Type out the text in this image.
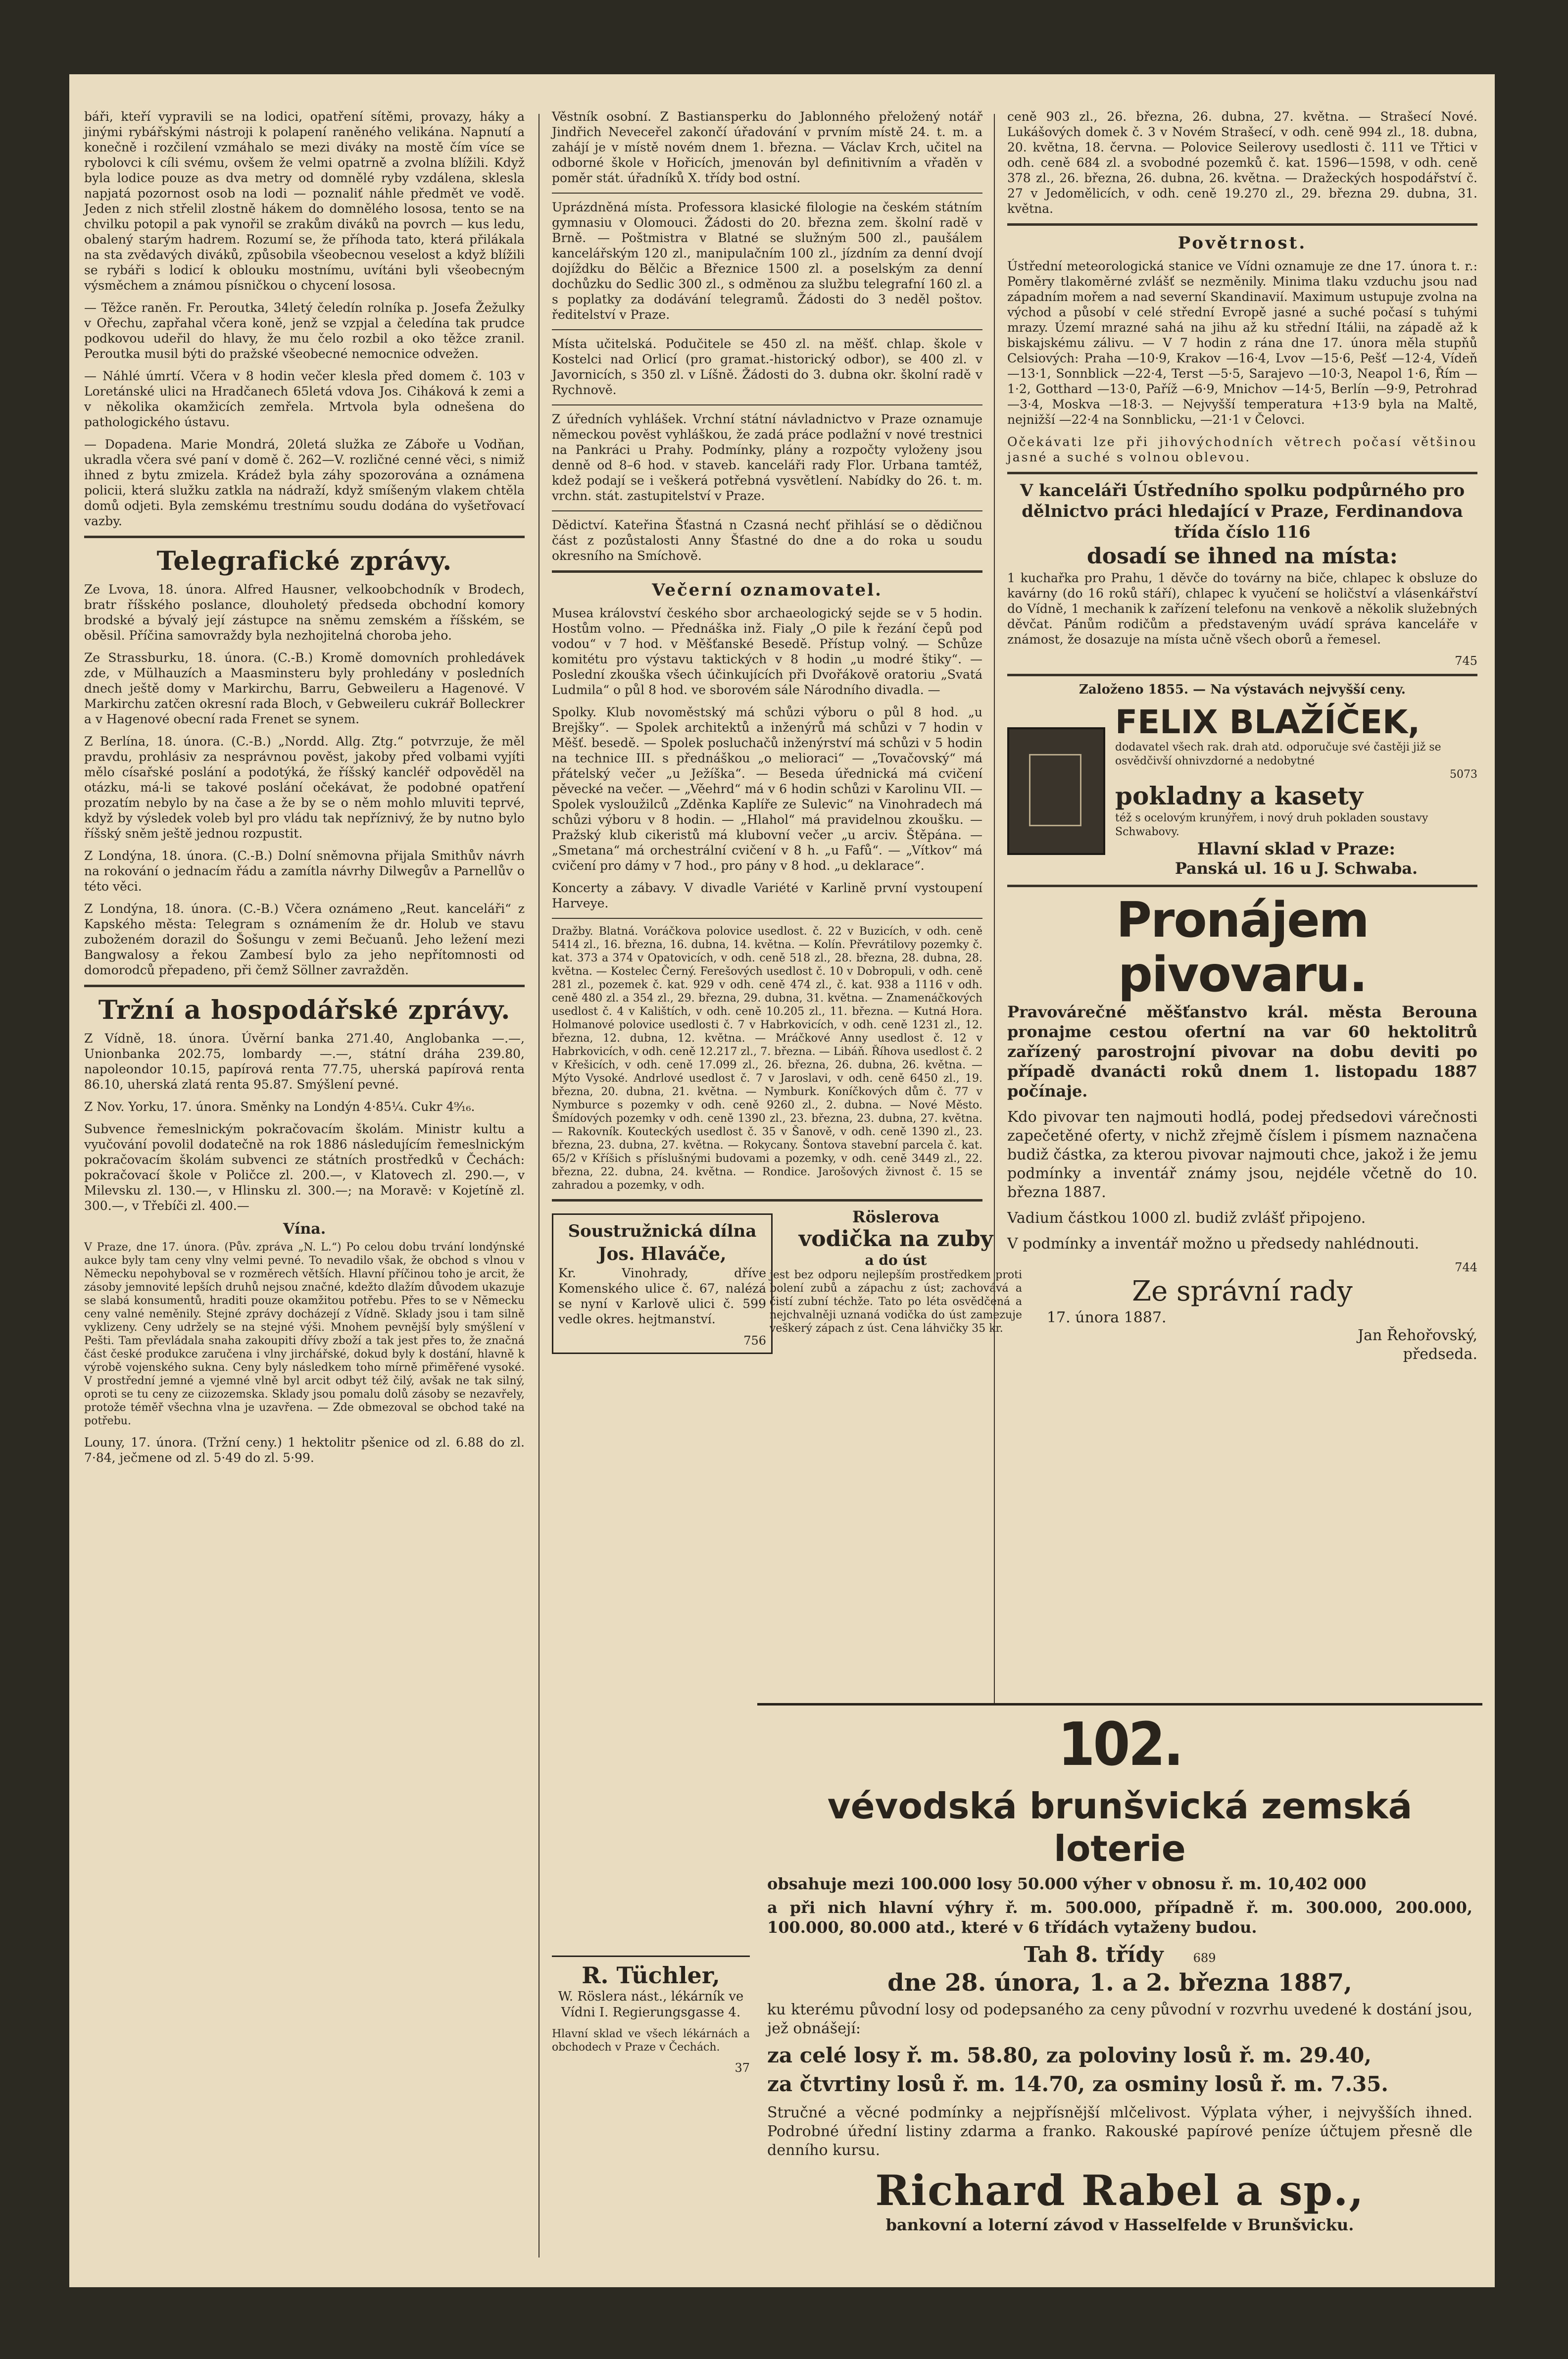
báři, kteří vypravili se na lodici, opatření sítěmi, provazy, háky a jinými rybářskými nástroji k polapení raněného velikána. Napnutí a konečně i rozčilení vzmáhalo se mezi diváky na mostě čím více se rybolovci k cíli svému, ovšem že velmi opatrně a zvolna blížili. Když byla lodice pouze as dva metry od domnělé ryby vzdálena, sklesla napjatá pozornost osob na lodi — poznaliť náhle předmět ve vodě. Jeden z nich střelil zlostně hákem do domnělého lososa, tento se na chvilku potopil a pak vynořil se zrakům diváků na povrch — kus ledu, obalený starým hadrem. Rozumí se, že příhoda tato, která přilákala na sta zvědavých diváků, způsobila všeobecnou veselost a když blížili se rybáři s lodicí k oblouku mostnímu, uvítáni byli všeobecným výsměchem a známou písničkou o chycení lososa.

— Těžce raněn. Fr. Peroutka, 34letý čeledín rolníka p. Josefa Žežulky v Ořechu, zapřahal včera koně, jenž se vzpjal a čeledína tak prudce podkovou udeřil do hlavy, že mu čelo rozbil a oko těžce zranil. Peroutka musil býti do pražské všeobecné nemocnice odvežen.

— Náhlé úmrtí. Včera v 8 hodin večer klesla před domem č. 103 v Loretánské ulici na Hradčanech 65letá vdova Jos. Ciháková k zemi a v několika okamžicích zemřela. Mrtvola byla odnešena do pathologického ústavu.

— Dopadena. Marie Mondrá, 20letá služka ze Záboře u Vodňan, ukradla včera své paní v domě č. 262—V. rozličné cenné věci, s nimiž ihned z bytu zmizela. Krádež byla záhy spozorována a oznámena policii, která služku zatkla na nádraží, když smíšeným vlakem chtěla domů odjeti. Byla zemskému trestnímu soudu dodána do vyšetřovací vazby.

Telegrafické zprávy.

Ze Lvova, 18. února. Alfred Hausner, velkoobchodník v Brodech, bratr říšského poslance, dlouholetý předseda obchodní komory brodské a bývalý její zástupce na sněmu zemském a říšském, se oběsil. Příčina samovraždy byla nezhojitelná choroba jeho.

Ze Strassburku, 18. února. (C.-B.) Kromě domovních prohledávek zde, v Mülhauzích a Maasminsteru byly prohledány v posledních dnech ještě domy v Markirchu, Barru, Gebweileru a Hagenové. V Markirchu zatčen okresní rada Bloch, v Gebweileru cukrář Bolleckrer a v Hagenové obecní rada Frenet se synem.

Z Berlína, 18. února. (C.-B.) „Nordd. Allg. Ztg.“ potvrzuje, že měl pravdu, prohlásiv za nesprávnou pověst, jakoby před volbami vyjíti mělo císařské poslání a podotýká, že říšský kancléř odpověděl na otázku, má-li se takové poslání očekávat, že podobné opatření prozatím nebylo by na čase a že by se o něm mohlo mluviti teprvé, když by výsledek voleb byl pro vládu tak nepříznivý, že by nutno bylo říšský sněm ještě jednou rozpustit.

Z Londýna, 18. února. (C.-B.) Dolní sněmovna přijala Smithův návrh na rokování o jednacím řádu a zamítla návrhy Dilwegův a Parnellův o této věci.

Z Londýna, 18. února. (C.-B.) Včera oznámeno „Reut. kanceláři“ z Kapského města: Telegram s oznámením že dr. Holub ve stavu zuboženém dorazil do Šošungu v zemi Bečuanů. Jeho ležení mezi Bangwalosy a řekou Zambesí bylo za jeho nepřítomnosti od domorodců přepadeno, při čemž Söllner zavražděn.

Tržní a hospodářské zprávy.

Z Vídně, 18. února. Úvěrní banka 271.40, Anglobanka —.—, Unionbanka 202.75, lombardy —.—, státní dráha 239.80, napoleondor 10.15, papírová renta 77.75, uherská papírová renta 86.10, uherská zlatá renta 95.87. Smýšlení pevné.

Z Nov. Yorku, 17. února. Směnky na Londýn 4·85¼. Cukr 4⁹⁄₁₆.

Subvence řemeslnickým pokračovacím školám. Ministr kultu a vyučování povolil dodatečně na rok 1886 následujícím řemeslnickým pokračovacím školám subvenci ze státních prostředků v Čechách: pokračovací škole v Poličce zl. 200.—, v Klatovech zl. 290.—, v Milevsku zl. 130.—, v Hlinsku zl. 300.—; na Moravě: v Kojetíně zl. 300.—, v Třebíči zl. 400.—

Vína.

V Praze, dne 17. února. (Pův. zpráva „N. L.“) Po celou dobu trvání londýnské aukce byly tam ceny vlny velmi pevné. To nevadilo však, že obchod s vlnou v Německu nepohyboval se v rozměrech větších. Hlavní příčinou toho je arcit, že zásoby jemnovité lepších druhů nejsou značné, kdežto dlažím důvodem ukazuje se slabá konsumentů, hraditi pouze okamžitou potřebu. Přes to se v Německu ceny valné neměnily. Stejné zprávy docházejí z Vídně. Sklady jsou i tam silně vyklizeny. Ceny udržely se na stejné výši. Mnohem pevnější byly smýšlení v Pešti. Tam převládala snaha zakoupiti dřívy zboží a tak jest přes to, že značná část české produkce zaručena i vlny jirchářské, dokud byly k dostání, hlavně k výrobě vojenského sukna. Ceny byly následkem toho mírně přiměřené vysoké. V prostřední jemné a vjemné vlně byl arcit odbyt též čilý, avšak ne tak silný, oproti se tu ceny ze ciizozemska. Sklady jsou pomalu dolů zásoby se nezavřely, protože téměř všechna vlna je uzavřena. — Zde obmezoval se obchod také na potřebu.

Louny, 17. února. (Tržní ceny.) 1 hektolitr pšenice od zl. 6.88 do zl. 7·84, ječmene od zl. 5·49 do zl. 5·99.

Věstník osobní. Z Bastiansperku do Jablonného přeložený notář Jindřich Neveceřel zakončí úřadování v prvním místě 24. t. m. a zahájí je v místě novém dnem 1. března. — Václav Krch, učitel na odborné škole v Hořicích, jmenován byl definitivním a vřaděn v poměr stát. úřadníků X. třídy bod ostní.

Uprázdněná místa. Professora klasické filologie na českém státním gymnasiu v Olomouci. Žádosti do 20. března zem. školní radě v Brně. — Poštmistra v Blatné se služným 500 zl., paušálem kancelářským 120 zl., manipulačním 100 zl., jízdním za denní dvojí dojíždku do Bělčic a Březnice 1500 zl. a poselským za denní dochůzku do Sedlic 300 zl., s odměnou za službu telegrafní 160 zl. a s poplatky za dodávání telegramů. Žádosti do 3 neděl poštov. ředitelství v Praze.

Místa učitelská. Podučitele se 450 zl. na měšť. chlap. škole v Kostelci nad Orlicí (pro gramat.-historický odbor), se 400 zl. v Javornicích, s 350 zl. v Líšně. Žádosti do 3. dubna okr. školní radě v Rychnově.

Z úředních vyhlášek. Vrchní státní návladnictvo v Praze oznamuje německou pověst vyhláškou, že zadá práce podlažní v nové trestnici na Pankráci u Prahy. Podmínky, plány a rozpočty vyloženy jsou denně od 8–6 hod. v staveb. kanceláři rady Flor. Urbana tamtéž, kdež podají se i veškerá potřebná vysvětlení. Nabídky do 26. t. m. vrchn. stát. zastupitelství v Praze.

Dědictví. Kateřina Šťastná n Czasná nechť přihlásí se o dědičnou část z pozůstalosti Anny Šťastné do dne a do roka u soudu okresního na Smíchově.

Večerní oznamovatel.

Musea království českého sbor archaeologický sejde se v 5 hodin. Hostům volno. — Přednáška inž. Fialy „O pile k řezání čepů pod vodou“ v 7 hod. v Měšťanské Besedě. Přístup volný. — Schůze komitétu pro výstavu taktických v 8 hodin „u modré štiky“. — Poslední zkouška všech účinkujících při Dvořákově oratoriu „Svatá Ludmila“ o půl 8 hod. ve sborovém sále Národního divadla. —

Spolky. Klub novoměstský má schůzi výboru o půl 8 hod. „u Brejšky“. — Spolek architektů a inženýrů má schůzi v 7 hodin v Měšť. besedě. — Spolek posluchačů inženýrství má schůzi v 5 hodin na technice III. s přednáškou „o melioraci“ — „Tovačovský“ má přátelský večer „u Ježíška“. — Beseda úřednická má cvičení pěvecké na večer. — „Věehrd“ má v 6 hodin schůzi v Karolinu VII. — Spolek vysloužilců „Zděnka Kaplíře ze Sulevic“ na Vinohradech má schůzi výboru v 8 hodin. — „Hlahol“ má pravidelnou zkoušku. — Pražský klub cikeristů má klubovní večer „u arciv. Štěpána. — „Smetana“ má orchestrální cvičení v 8 h. „u Fafů“. — „Vítkov“ má cvičení pro dámy v 7 hod., pro pány v 8 hod. „u deklarace“.

Koncerty a zábavy. V divadle Variété v Karlině první vystoupení Harveye.

Dražby. Blatná. Voráčkova polovice usedlost. č. 22 v Buzicích, v odh. ceně 5414 zl., 16. března, 16. dubna, 14. května. — Kolín. Převrátilovy pozemky č. kat. 373 a 374 v Opatovicích, v odh. ceně 518 zl., 28. března, 28. dubna, 28. května. — Kostelec Černý. Ferešových usedlost č. 10 v Dobropuli, v odh. ceně 281 zl., pozemek č. kat. 929 v odh. ceně 474 zl., č. kat. 938 a 1116 v odh. ceně 480 zl. a 354 zl., 29. března, 29. dubna, 31. května. — Znamenáčkových usedlost č. 4 v Kalištích, v odh. ceně 10.205 zl., 11. března. — Kutná Hora. Holmanové polovice usedlosti č. 7 v Habrkovicích, v odh. ceně 1231 zl., 12. března, 12. dubna, 12. května. — Mráčkové Anny usedlost č. 12 v Habrkovicích, v odh. ceně 12.217 zl., 7. března. — Libáň. Říhova usedlost č. 2 v Křešicích, v odh. ceně 17.099 zl., 26. března, 26. dubna, 26. května. — Mýto Vysoké. Andrlové usedlost č. 7 v Jaroslavi, v odh. ceně 6450 zl., 19. března, 20. dubna, 21. května. — Nymburk. Koníčkových dům č. 77 v Nymburce s pozemky v odh. ceně 9260 zl., 2. dubna. — Nové Město. Šmídových pozemky v odh. ceně 1390 zl., 23. března, 23. dubna, 27. května. — Rakovník. Kouteckých usedlost č. 35 v Šanově, v odh. ceně 1390 zl., 23. března, 23. dubna, 27. května. — Rokycany. Šontova stavební parcela č. kat. 65/2 v Kříšich s příslušnými budovami a pozemky, v odh. ceně 3449 zl., 22. března, 22. dubna, 24. května. — Rondice. Jarošových živnost č. 15 se zahradou a pozemky, v odh.

Soustružnická dílna
Jos. Hlaváče,

Kr. Vinohrady, dříve Komenského ulice č. 67, nalézá se nyní v Karlově ulici č. 599 vedle okres. hejtmanství.

756
Röslerova
vodička na zuby
a do úst

jest bez odporu nejlepším prostředkem proti bolení zubů a zápachu z úst; zachovává a čistí zubní téchže. Tato po léta osvědčená a nejchvalněji uznaná vodička do úst zamezuje veškerý zápach z úst. Cena láhvičky 35 kr.

ceně 903 zl., 26. března, 26. dubna, 27. května. — Strašecí Nové. Lukášových domek č. 3 v Novém Strašecí, v odh. ceně 994 zl., 18. dubna, 20. května, 18. června. — Polovice Seilerovy usedlosti č. 111 ve Třtici v odh. ceně 684 zl. a svobodné pozemků č. kat. 1596—1598, v odh. ceně 378 zl., 26. března, 26. dubna, 26. května. — Dražeckých hospodářství č. 27 v Jedomělicích, v odh. ceně 19.270 zl., 29. března 29. dubna, 31. května.

Povětrnost.

Ústřední meteorologická stanice ve Vídni oznamuje ze dne 17. února t. r.: Poměry tlakoměrné zvlášť se nezměnily. Minima tlaku vzduchu jsou nad západním mořem a nad severní Skandinavií. Maximum ustupuje zvolna na východ a působí v celé střední Evropě jasné a suché počasí s tuhými mrazy. Území mrazné sahá na jihu až ku střední Itálii, na západě až k biskajskému zálivu. — V 7 hodin z rána dne 17. února měla stupňů Celsiových: Praha —10·9, Krakov —16·4, Lvov —15·6, Pešť —12·4, Vídeň —13·1, Sonnblick —22·4, Terst —5·5, Sarajevo —10·3, Neapol 1·6, Řím —1·2, Gotthard —13·0, Paříž —6·9, Mnichov —14·5, Berlín —9·9, Petrohrad —3·4, Moskva —18·3. — Nejvyšší temperatura +13·9 byla na Maltě, nejnižší —22·4 na Sonnblicku, —21·1 v Čelovci.

Očekávati lze při jihovýchodních větrech počasí většinou jasné a suché s volnou oblevou.

V kanceláři Ústředního spolku podpůrného pro dělnictvo práci hledající v Praze, Ferdinandova třída číslo 116
dosadí se ihned na místa:

1 kuchařka pro Prahu, 1 děvče do továrny na biče, chlapec k obsluze do kavárny (do 16 roků stáří), chlapec k vyučení se holičství a vlásenkářství do Vídně, 1 mechanik k zařízení telefonu na venkově a několik služebných děvčat. Pánům rodičům a představeným uvádí správa kanceláře v známost, že dosazuje na místa učně všech oborů a řemesel.

745
Založeno 1855. — Na výstavách nejvyšší ceny.
FELIX BLAŽÍČEK,
dodavatel všech rak. drah atd. odporučuje své častěji již se osvědčivší ohnivzdorné a nedobytné
5073
pokladny a kasety
též s ocelovým krunýřem, i nový druh pokladen soustavy Schwabovy.
Hlavní sklad v Praze:
Panská ul. 16 u J. Schwaba.
Pronájem pivovaru.

Pravovárečné měšťanstvo král. města Berouna pronajme cestou ofertní na var 60 hektolitrů zařízený parostrojní pivovar na dobu deviti po případě dvanácti roků dnem 1. listopadu 1887 počínaje.

Kdo pivovar ten najmouti hodlá, podej předsedovi várečnosti zapečetěné oferty, v nichž zřejmě číslem i písmem naznačena budiž částka, za kterou pivovar najmouti chce, jakož i že jemu podmínky a inventář známy jsou, nejdéle včetně do 10. března 1887.

Vadium částkou 1000 zl. budiž zvlášť připojeno.

V podmínky a inventář možno u předsedy nahlédnouti.

744
Ze správní rady
17. února 1887.
Jan Řehořovský,
předseda.
102.
vévodská brunšvická zemská loterie

obsahuje mezi 100.000 losy 50.000 výher v obnosu ř. m. 10,402 000

a při nich hlavní výhry ř. m. 500.000, případně ř. m. 300.000, 200.000, 100.000, 80.000 atd., které v 6 třídách vytaženy budou.

Tah 8. třídy	689
dne 28. února, 1. a 2. března 1887,

ku kterému původní losy od podepsaného za ceny původní v rozvrhu uvedené k dostání jsou, jež obnášejí:

za celé losy ř. m. 58.80, za poloviny losů ř. m. 29.40,
za čtvrtiny losů ř. m. 14.70, za osminy losů ř. m. 7.35.

Stručné a věcné podmínky a nejpřísnější mlčelivost. Výplata výher, i nejvyšších ihned. Podrobné úřední listiny zdarma a franko. Rakouské papírové peníze účtujem přesně dle denního kursu.

Richard Rabel a sp.,
bankovní a loterní závod v Hasselfelde v Brunšvicku.
R. Tüchler,

W. Röslera nást., lékárník ve Vídni I. Regierungsgasse 4.

Hlavní sklad ve všech lékárnách a obchodech v Praze v Čechách.

37
